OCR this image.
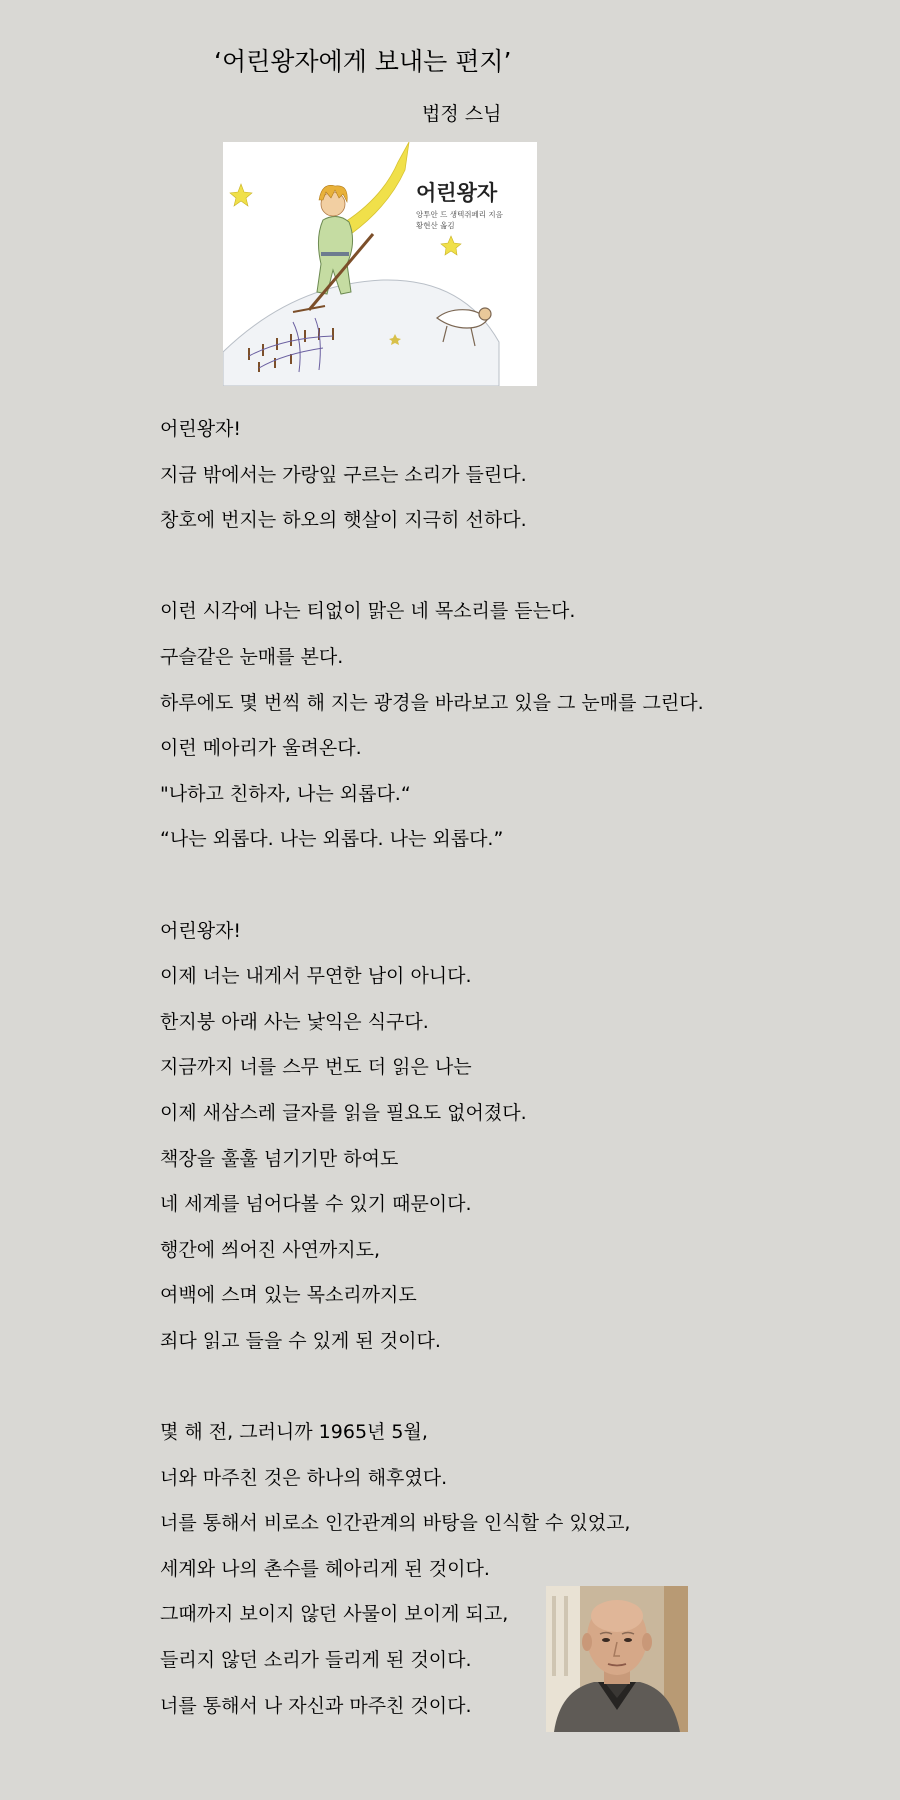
‘어린왕자에게 보내는 편지’
법정 스님
어린왕자
앙투안 드 생텍쥐페리 지음
황현산 옮김
어린왕자!
지금 밖에서는 가랑잎 구르는 소리가 들린다.
창호에 번지는 하오의 햇살이 지극히 선하다.
이런 시각에 나는 티없이 맑은 네 목소리를 듣는다.
구슬같은 눈매를 본다.
하루에도 몇 번씩 해 지는 광경을 바라보고 있을 그 눈매를 그린다.
이런 메아리가 울려온다.
"나하고 친하자, 나는 외롭다.“
“나는 외롭다. 나는 외롭다. 나는 외롭다.”
어린왕자!
이제 너는 내게서 무연한 남이 아니다.
한지붕 아래 사는 낯익은 식구다.
지금까지 너를 스무 번도 더 읽은 나는
이제 새삼스레 글자를 읽을 필요도 없어졌다.
책장을 훌훌 넘기기만 하여도
네 세계를 넘어다볼 수 있기 때문이다.
행간에 씌어진 사연까지도,
여백에 스며 있는 목소리까지도
죄다 읽고 들을 수 있게 된 것이다.
몇 해 전, 그러니까 1965년 5월,
너와 마주친 것은 하나의 해후였다.
너를 통해서 비로소 인간관계의 바탕을 인식할 수 있었고,
세계와 나의 촌수를 헤아리게 된 것이다.
그때까지 보이지 않던 사물이 보이게 되고,
들리지 않던 소리가 들리게 된 것이다.
너를 통해서 나 자신과 마주친 것이다.
